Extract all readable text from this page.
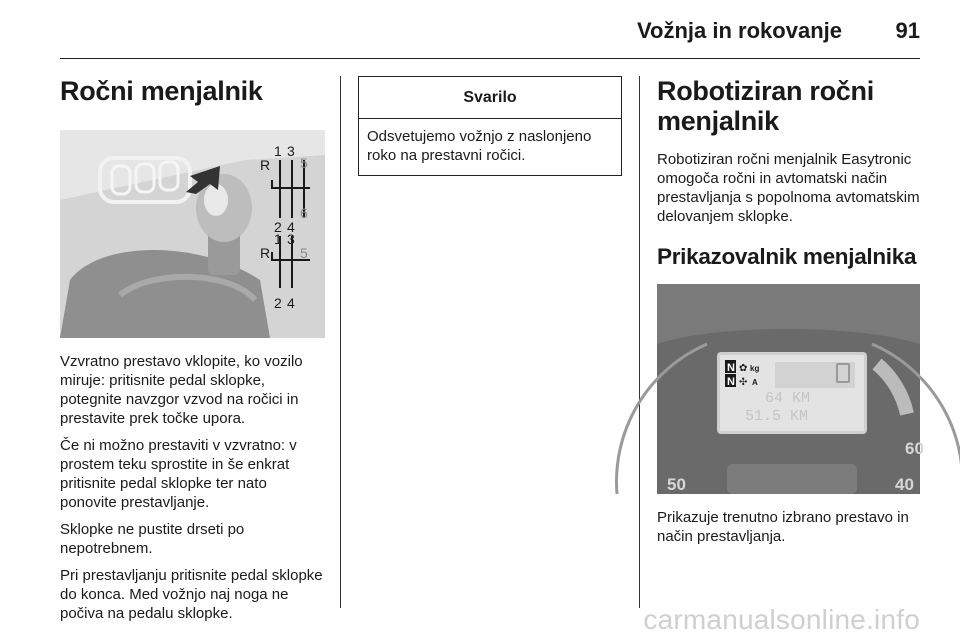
Vožnja in rokovanje 91
Ročni menjalnik
R
1 3
5
2 4
6
R
1 3
5
2 4

Vzvratno prestavo vklopite, ko vozilo miruje: pritisnite pedal sklopke, potegnite navzgor vzvod na ročici in prestavite prek točke upora.

Če ni možno prestaviti v vzvratno: v prostem teku sprostite in še enkrat pritisnite pedal sklopke ter nato ponovite prestavljanje.

Sklopke ne pustite drseti po nepotrebnem.

Pri prestavljanju pritisnite pedal sklopke do konca. Med vožnjo naj noga ne počiva na pedalu sklopke.

Svarilo
Odsvetujemo vožnjo z naslonjeno roko na prestavni ročici.
Robotiziran ročni menjalnik

Robotiziran ročni menjalnik Easytronic omogoča ročni in avtomatski način prestavljanja s popolnoma avtomatskim delovanjem sklopke.

Prikazovalnik menjalnika
N
N
✿ kg
✣ A
64 KM
51.5 KM
50
60
40

Prikazuje trenutno izbrano prestavo in način prestavljanja.

carmanualsonline.info
